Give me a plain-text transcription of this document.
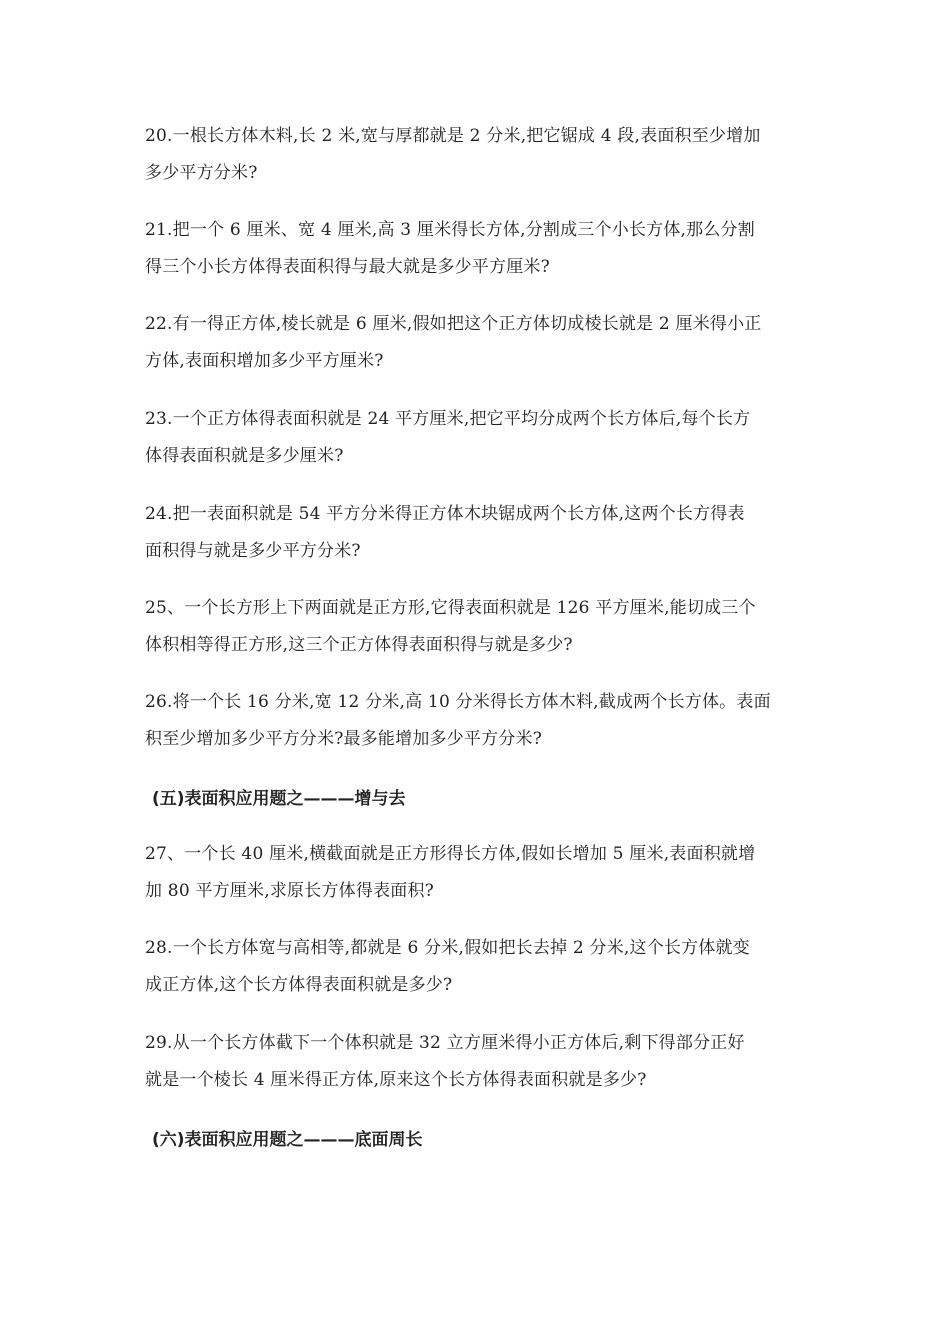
20.一根长方体木料,长 2 米,宽与厚都就是 2 分米,把它锯成 4 段,表面积至少增加
多少平方分米?
21.把一个 6 厘米、宽 4 厘米,高 3 厘米得长方体,分割成三个小长方体,那么分割
得三个小长方体得表面积得与最大就是多少平方厘米?
22.有一得正方体,棱长就是 6 厘米,假如把这个正方体切成棱长就是 2 厘米得小正
方体,表面积增加多少平方厘米?
23.一个正方体得表面积就是 24 平方厘米,把它平均分成两个长方体后,每个长方
体得表面积就是多少厘米?
24.把一表面积就是 54 平方分米得正方体木块锯成两个长方体,这两个长方得表
面积得与就是多少平方分米?
25、一个长方形上下两面就是正方形,它得表面积就是 126 平方厘米,能切成三个
体积相等得正方形,这三个正方体得表面积得与就是多少?
26.将一个长 16 分米,宽 12 分米,高 10 分米得长方体木料,截成两个长方体。表面
积至少增加多少平方分米?最多能增加多少平方分米?
(五)表面积应用题之———增与去
27、一个长 40 厘米,横截面就是正方形得长方体,假如长增加 5 厘米,表面积就增
加 80 平方厘米,求原长方体得表面积?
28.一个长方体宽与高相等,都就是 6 分米,假如把长去掉 2 分米,这个长方体就变
成正方体,这个长方体得表面积就是多少?
29.从一个长方体截下一个体积就是 32 立方厘米得小正方体后,剩下得部分正好
就是一个棱长 4 厘米得正方体,原来这个长方体得表面积就是多少?
(六)表面积应用题之———底面周长
